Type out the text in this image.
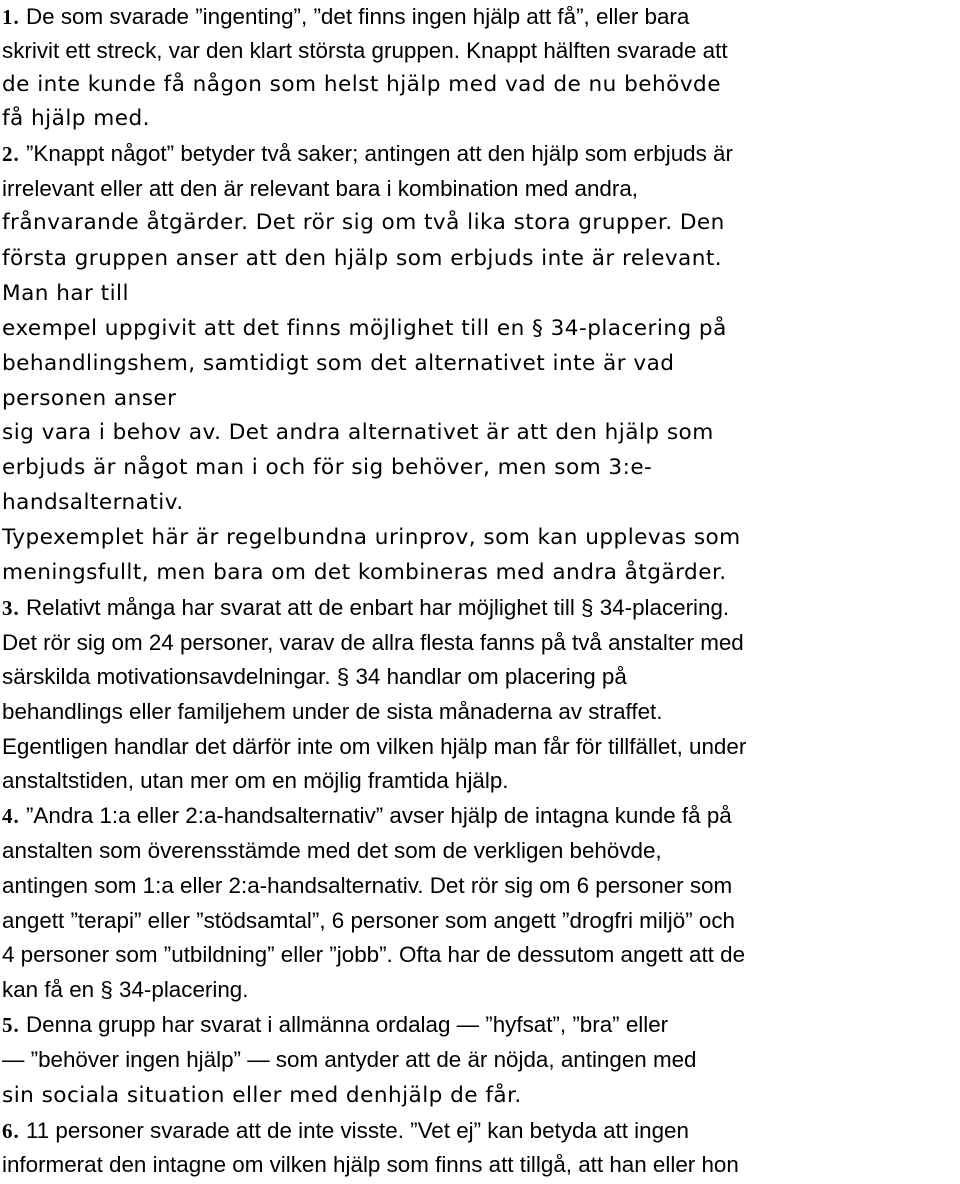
1. De som svarade ”ingenting”, ”det finns ingen hjälp att få”, eller bara
skrivit ett streck, var den klart största gruppen. Knappt hälften svarade att
de inte kunde få någon som helst hjälp med vad de nu behövde
få hjälp med.
2. ”Knappt något” betyder två saker; antingen att den hjälp som erbjuds är
irrelevant eller att den är relevant bara i kombination med andra,
frånvarande åtgärder. Det rör sig om två lika stora grupper. Den
första gruppen anser att den hjälp som erbjuds inte är relevant.
Man har till
exempel uppgivit att det finns möjlighet till en § 34-placering på
behandlingshem, samtidigt som det alternativet inte är vad
personen anser
sig vara i behov av. Det andra alternativet är att den hjälp som
erbjuds är något man i och för sig behöver, men som 3:e-
handsalternativ.
Typexemplet här är regelbundna urinprov, som kan upplevas som
meningsfullt, men bara om det kombineras med andra åtgärder.
3. Relativt många har svarat att de enbart har möjlighet till § 34-placering.
Det rör sig om 24 personer, varav de allra flesta fanns på två anstalter med
särskilda motivationsavdelningar. § 34 handlar om placering på
behandlings eller familjehem under de sista månaderna av straffet.
Egentligen handlar det därför inte om vilken hjälp man får för tillfället, under
anstaltstiden, utan mer om en möjlig framtida hjälp.
4. ”Andra 1:a eller 2:a-handsalternativ” avser hjälp de intagna kunde få på
anstalten som överensstämde med det som de verkligen behövde,
antingen som 1:a eller 2:a-handsalternativ. Det rör sig om 6 personer som
angett ”terapi” eller ”stödsamtal”, 6 personer som angett ”drogfri miljö” och
4 personer som ”utbildning” eller ”jobb”. Ofta har de dessutom angett att de
kan få en § 34-placering.
5. Denna grupp har svarat i allmänna ordalag — ”hyfsat”, ”bra” eller
— ”behöver ingen hjälp” — som antyder att de är nöjda, antingen med
sin sociala situation eller med denhjälp de får.
6. 11 personer svarade att de inte visste. ”Vet ej” kan betyda att ingen
informerat den intagne om vilken hjälp som finns att tillgå, att han eller hon
